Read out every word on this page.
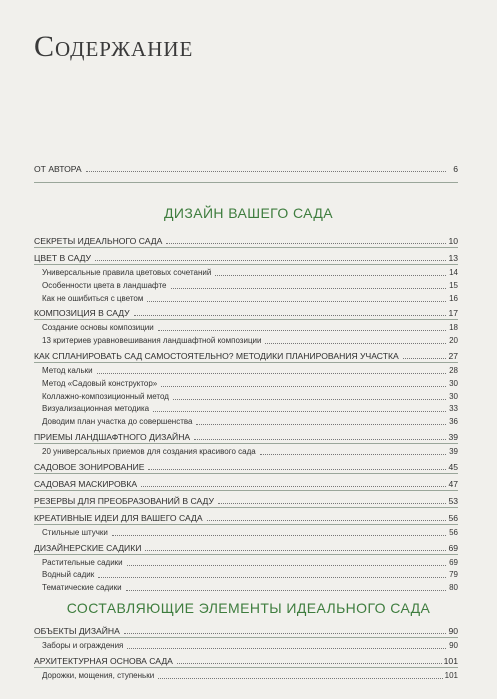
Содержание
ОТ АВТОРА	6
ДИЗАЙН ВАШЕГО САДА
СОСТАВЛЯЮЩИЕ ЭЛЕМЕНТЫ ИДЕАЛЬНОГО САДА
СЕКРЕТЫ ИДЕАЛЬНОГО САДА	10
ЦВЕТ В САДУ	13
Универсальные правила цветовых сочетаний	14
Особенности цвета в ландшафте	15
Как не ошибиться с цветом	16
КОМПОЗИЦИЯ В САДУ	17
Создание основы композиции	18
13 критериев уравновешивания ландшафтной композиции	20
КАК СПЛАНИРОВАТЬ САД САМОСТОЯТЕЛЬНО? МЕТОДИКИ ПЛАНИРОВАНИЯ УЧАСТКА	27
Метод кальки	28
Метод «Садовый конструктор»	30
Коллажно-композиционный метод	30
Визуализационная методика	33
Доводим план участка до совершенства	36
ПРИЕМЫ ЛАНДШАФТНОГО ДИЗАЙНА	39
20 универсальных приемов для создания красивого сада	39
САДОВОЕ ЗОНИРОВАНИЕ	45
САДОВАЯ МАСКИРОВКА	47
РЕЗЕРВЫ ДЛЯ ПРЕОБРАЗОВАНИЙ В САДУ	53
КРЕАТИВНЫЕ ИДЕИ ДЛЯ ВАШЕГО САДА	56
Стильные штучки	56
ДИЗАЙНЕРСКИЕ САДИКИ	69
Растительные садики	69
Водный садик	79
Тематические садики	80
ОБЪЕКТЫ ДИЗАЙНА	90
Заборы и ограждения	90
АРХИТЕКТУРНАЯ ОСНОВА САДА	101
Дорожки, мощения, ступеньки	101
